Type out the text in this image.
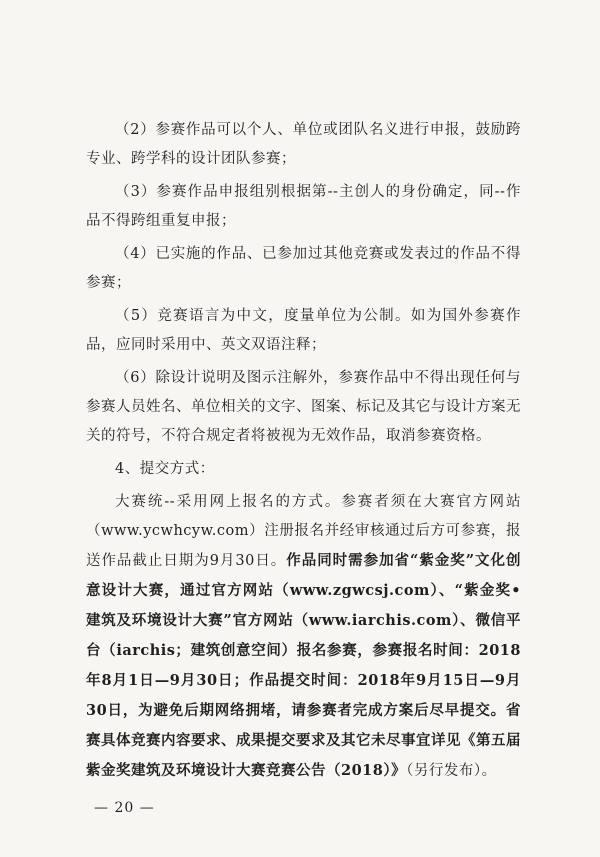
（2）参赛作品可以个人、单位或团队名义进行申报，鼓励跨专业、跨学科的设计团队参赛；

（3）参赛作品申报组别根据第--主创人的身份确定，同--作品不得跨组重复申报；

（4）已实施的作品、已参加过其他竞赛或发表过的作品不得参赛；

（5）竞赛语言为中文，度量单位为公制。如为国外参赛作品，应同时采用中、英文双语注释；

（6）除设计说明及图示注解外，参赛作品中不得出现任何与参赛人员姓名、单位相关的文字、图案、标记及其它与设计方案无关的符号，不符合规定者将被视为无效作品，取消参赛资格。

4、提交方式：

大赛统--采用网上报名的方式。参赛者须在大赛官方网站（www.ycwhcyw.com）注册报名并经审核通过后方可参赛，报送作品截止日期为9月30日。作品同时需参加省“紫金奖”文化创意设计大赛，通过官方网站（www.zgwcsj.com）、“紫金奖•建筑及环境设计大赛”官方网站（www.iarchis.com）、微信平台（iarchis；建筑创意空间）报名参赛，参赛报名时间：2018年8月1日—9月30日；作品提交时间：2018年9月15日—9月30日，为避免后期网络拥堵，请参赛者完成方案后尽早提交。省赛具体竞赛内容要求、成果提交要求及其它未尽事宜详见《第五届紫金奖建筑及环境设计大赛竞赛公告（2018）》（另行发布）。

— 20 —
